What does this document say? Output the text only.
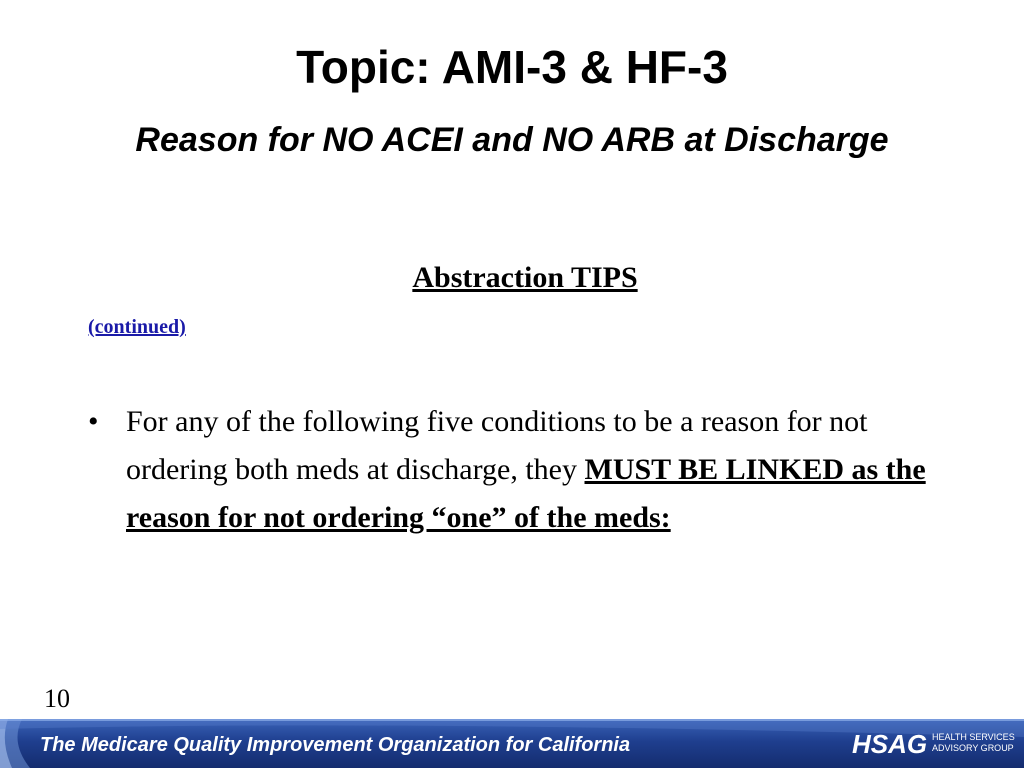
Topic: AMI-3 & HF-3
Reason for NO ACEI and NO ARB at Discharge
Abstraction TIPS
(continued)
• For any of the following five conditions to be a reason for not ordering both meds at discharge, they MUST BE LINKED as the reason for not ordering “one” of the meds:
10
The Medicare Quality Improvement Organization for California	HSAG HEALTH SERVICES
ADVISORY GROUP
